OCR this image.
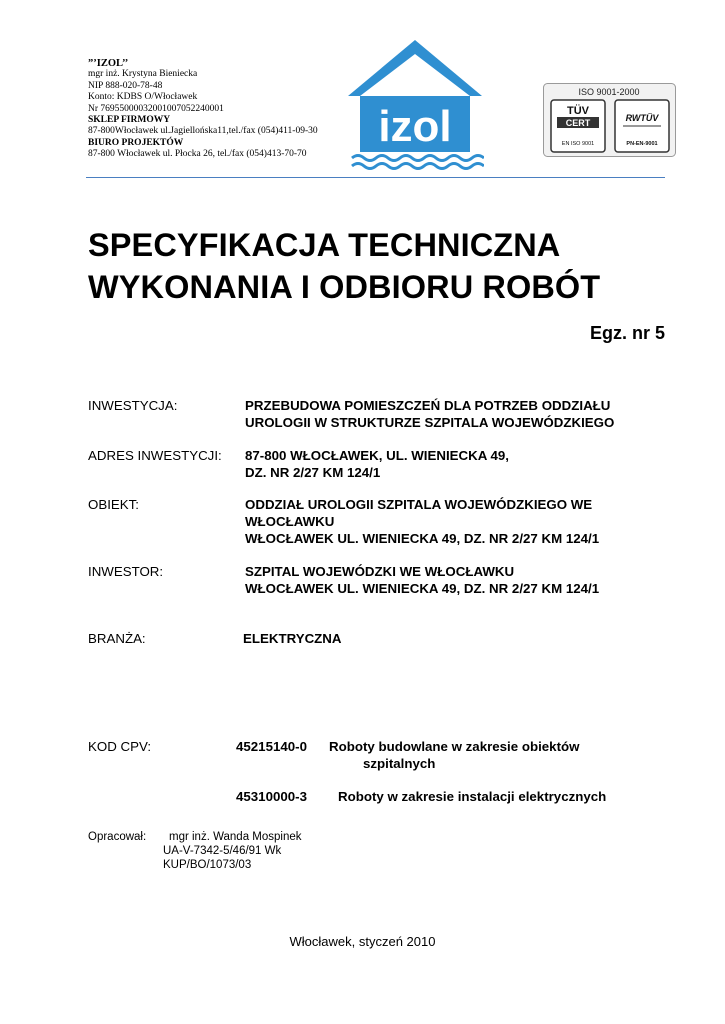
”’IZOL’’
mgr inż. Krystyna Bieniecka
NIP 888-020-78-48
Konto: KDBS O/Włocławek
Nr 76955000032001007052240001
SKLEP FIRMOWY
87-800Włocławek ul.Jagiellońska11,tel./fax (054)411-09-30
BIURO PROJEKTÓW
87-800 Włocławek ul. Płocka 26, tel./fax (054)413-70-70
izol
ISO 9001-2000
TÜV
CERT
EN ISO 9001
RWTÜV
PN-EN-9001
SPECYFIKACJA TECHNICZNA
WYKONANIA I ODBIORU ROBÓT
Egz. nr 5
INWESTYCJA:	PRZEBUDOWA POMIESZCZEŃ DLA POTRZEB ODDZIAŁU
UROLOGII W STRUKTURZE SZPITALA WOJEWÓDZKIEGO
ADRES INWESTYCJI: 87-800 WŁOCŁAWEK, UL. WIENIECKA 49,
DZ. NR 2/27 KM 124/1
OBIEKT:	ODDZIAŁ UROLOGII SZPITALA WOJEWÓDZKIEGO WE
WŁOCŁAWKU
WŁOCŁAWEK UL. WIENIECKA 49, DZ. NR 2/27 KM 124/1
INWESTOR:	SZPITAL WOJEWÓDZKI WE WŁOCŁAWKU
WŁOCŁAWEK UL. WIENIECKA 49, DZ. NR 2/27 KM 124/1
BRANŻA:	ELEKTRYCZNA
KOD CPV:	45215140-0 Roboty budowlane w zakresie obiektów
szpitalnych
45310000-3 Roboty w zakresie instalacji elektrycznych
Opracował:	mgr inż. Wanda Mospinek
UA-V-7342-5/46/91 Wk
KUP/BO/1073/03
Włocławek, styczeń 2010
